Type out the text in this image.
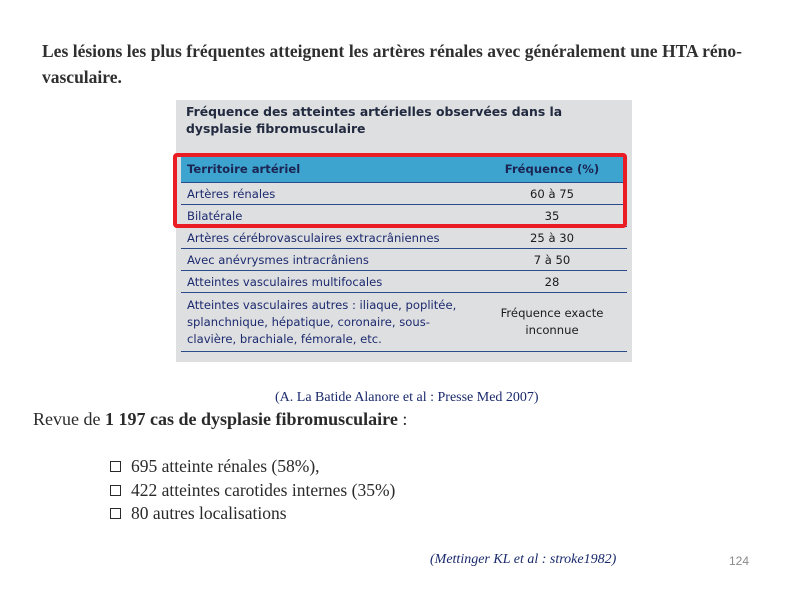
Les lésions les plus fréquentes atteignent les artères rénales avec généralement une HTA réno-vasculaire.

Fréquence des atteintes artérielles observées dans la dysplasie fibromusculaire

Territoire artériel	Fréquence (%)
Artères rénales	60 à 75
Bilatérale	35
Artères cérébrovasculaires extracrâniennes	25 à 30
Avec anévrysmes intracrâniens	7 à 50
Atteintes vasculaires multifocales	28
Atteintes vasculaires autres : iliaque, poplitée, splanchnique, hépatique, coronaire, sous-clavière, brachiale, fémorale, etc.	Fréquence exacte inconnue

(A. La Batide Alanore et al : Presse Med 2007)

Revue de 1 197 cas de dysplasie fibromusculaire :

695 atteinte rénales (58%),
422 atteintes carotides internes (35%)
80 autres localisations

(Mettinger KL et al : stroke1982)	124
